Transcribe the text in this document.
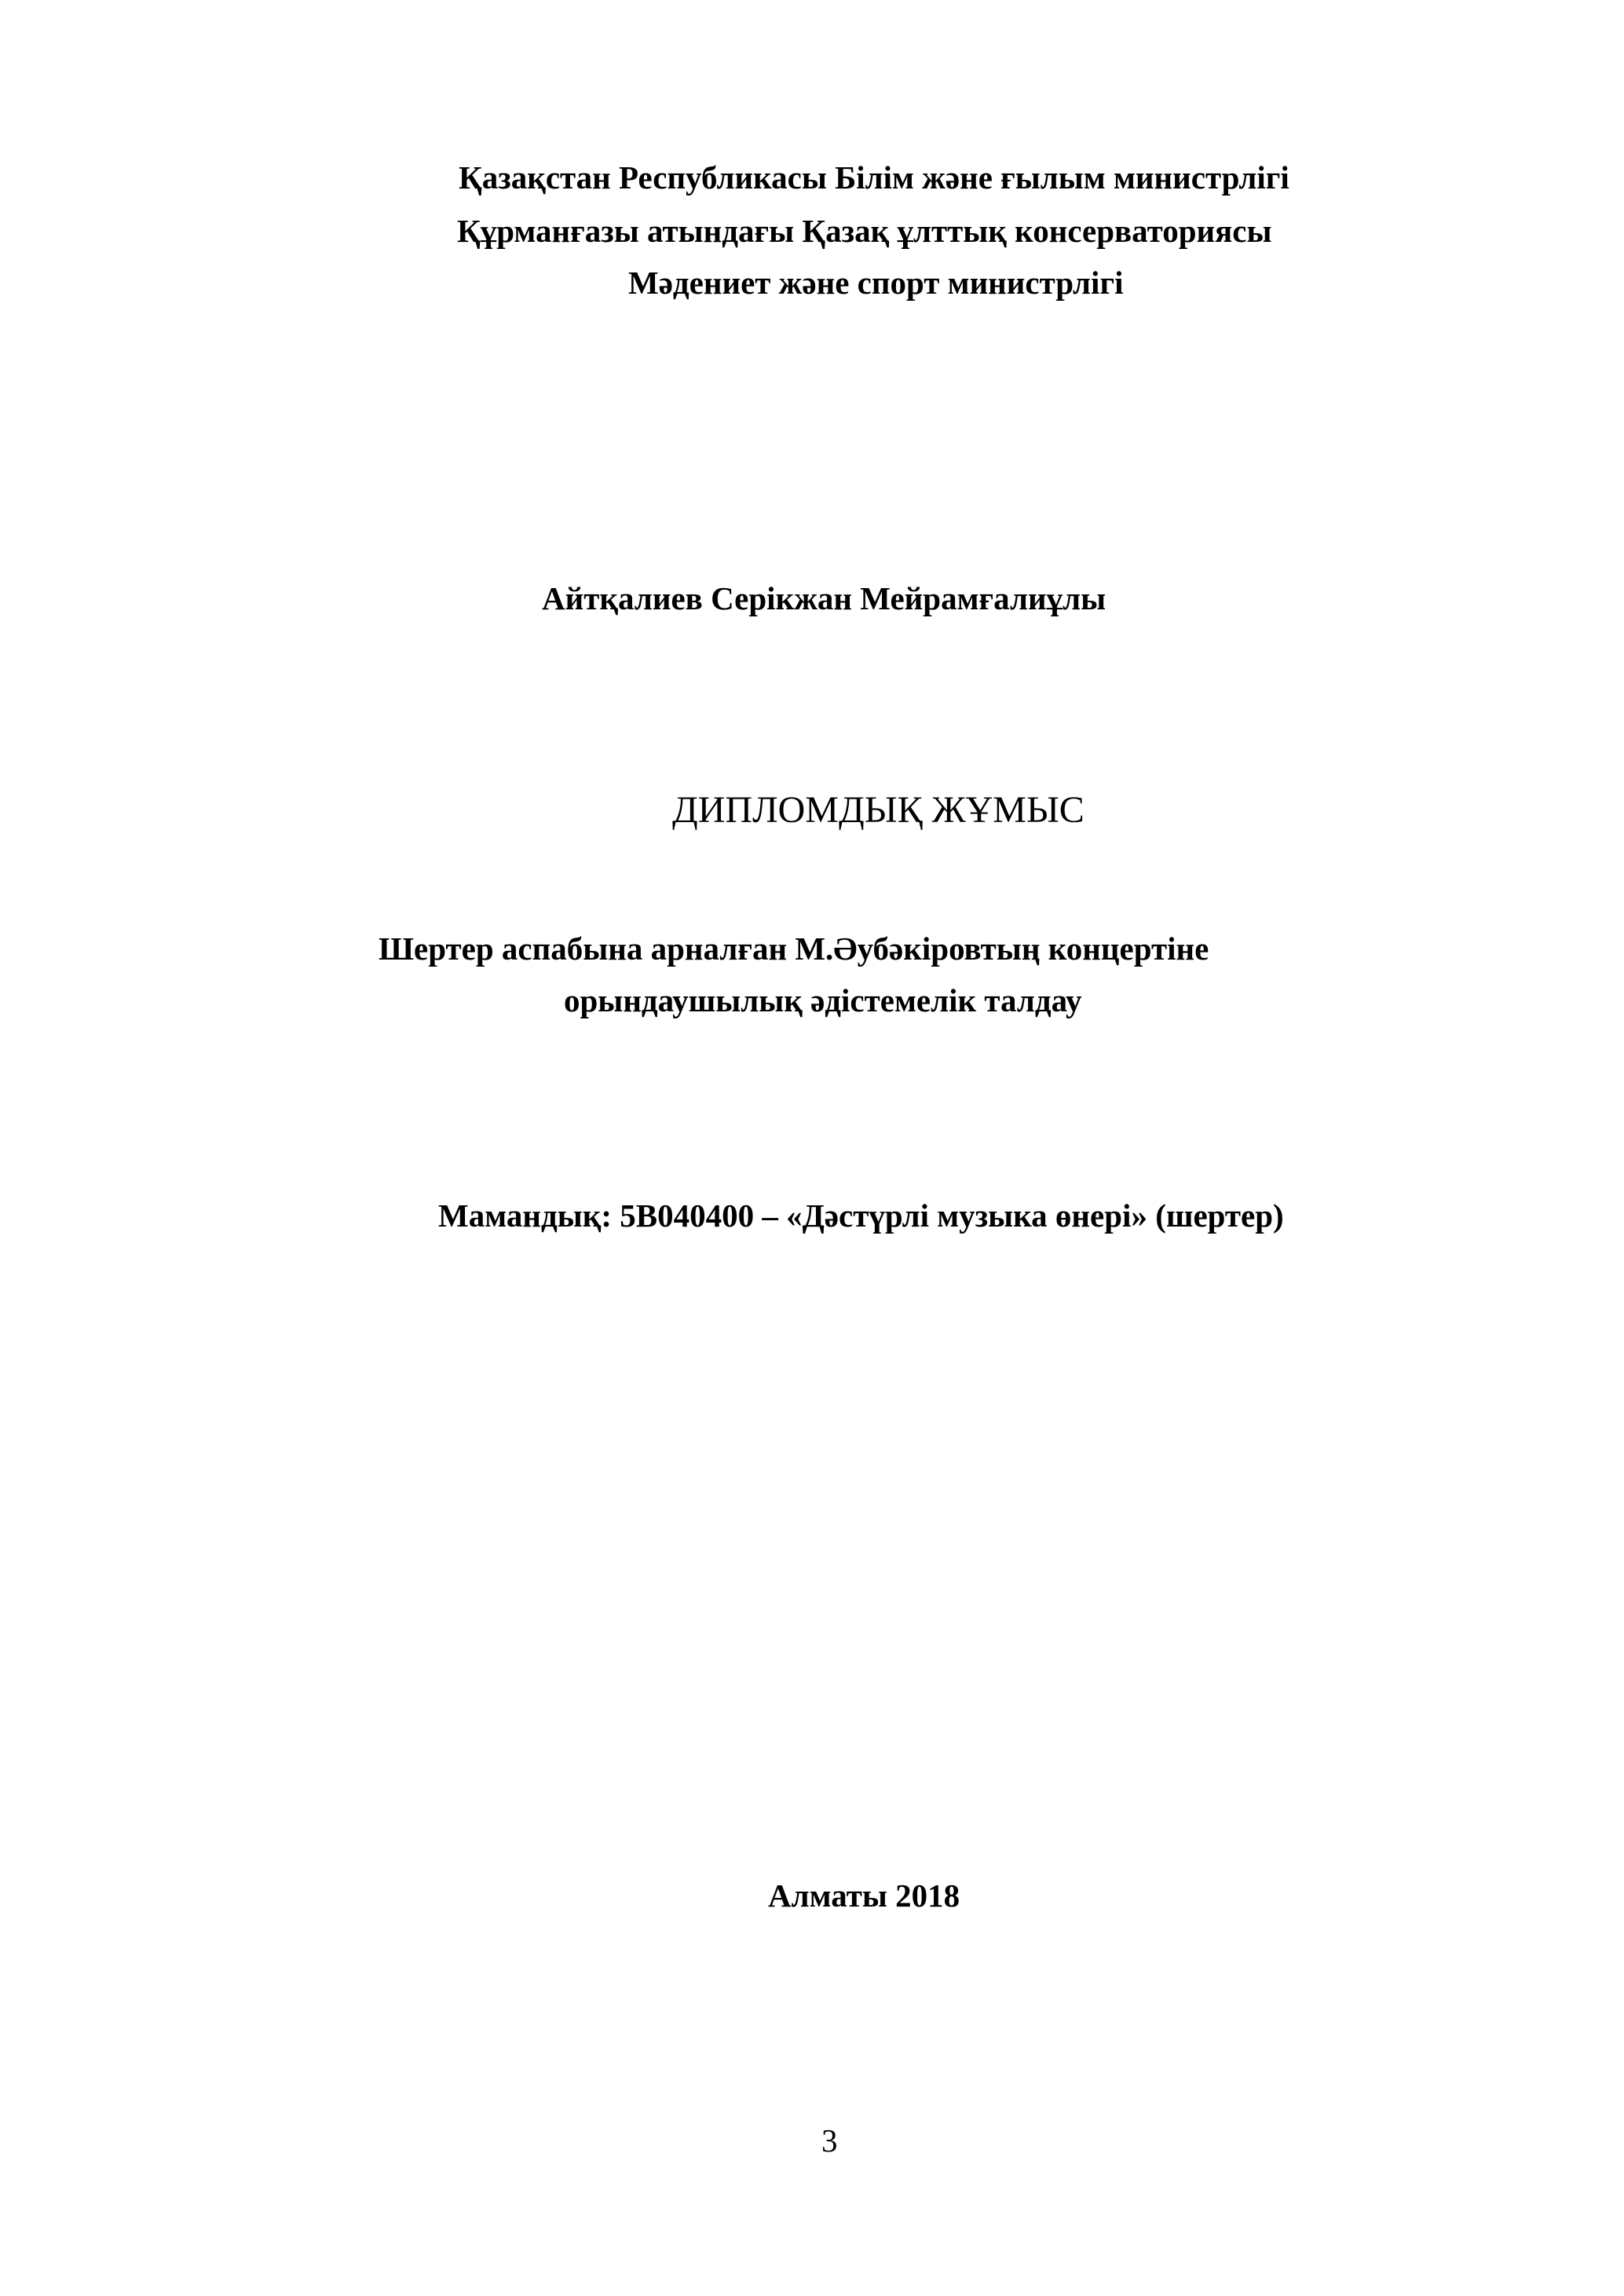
Қазақстан Республикасы Білім және ғылым министрлігі
Құрманғазы атындағы Қазақ ұлттық консерваториясы
Мәдениет және спорт министрлігі
Айтқалиев Серікжан Мейрамғалиұлы
ДИПЛОМДЫҚ ЖҰМЫС
Шертер аспабына арналған М.Әубәкіровтың концертіне
орындаушылық әдістемелік талдау
Мамандық: 5В040400 – «Дәстүрлі музыка өнері» (шертер)
Алматы 2018
3
